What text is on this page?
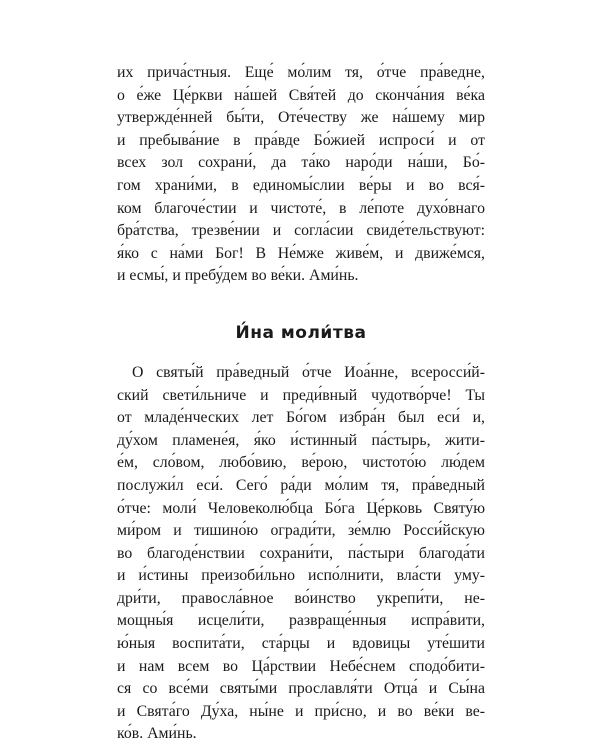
их прича́стныя. Еще́ мо́лим тя, о́тче пра́ведне,
о е́же Це́ркви на́шей Свя́тей до сконча́ния ве́ка
утвержде́нней бы́ти, Оте́честву же на́шему мир
и пребыва́ние в пра́вде Бо́жией испроси́ и от
всех зол сохрани́, да та́ко наро́ди на́ши, Бо́-
гом храни́ми, в единомы́слии ве́ры и во вся́-
ком благоче́стии и чистоте́, в ле́поте духо́внаго
бра́тства, трезве́нии и согла́сии свиде́тельствуют:
я́ко с на́ми Бог! В Не́мже живе́м, и движе́мся,
и есмы́, и пребу́дем во ве́ки. Ами́нь.
И́на моли́тва
О святы́й пра́ведный о́тче Иоа́нне, всеросси́й-
ский свети́льниче и преди́вный чудотво́рче! Ты
от младе́нческих лет Бо́гом избра́н был еси́ и,
ду́хом пламене́я, я́ко и́стинный па́стырь, жити-
е́м, сло́вом, любо́вию, ве́рою, чистото́ю лю́дем
послужи́л еси́. Сего́ ра́ди мо́лим тя, пра́ведный
о́тче: моли́ Человеколю́бца Бо́га Це́рковь Святу́ю
ми́ром и тишино́ю огради́ти, зе́млю Росси́йскую
во благоде́нствии сохрани́ти, па́стыри благода́ти
и и́стины преизоби́льно испо́лнити, вла́сти уму-
дри́ти, правосла́вное во́инство укрепи́ти, не-
мощны́я исцели́ти, развраще́нныя испра́вити,
ю́ныя воспита́ти, ста́рцы и вдовицы уте́шити
и нам всем во Ца́рствии Небе́снем сподо́бити-
ся со все́ми святы́ми прославля́ти Отца́ и Сы́на
и Свята́го Ду́ха, ны́не и при́сно, и во ве́ки ве-
ко́в. Ами́нь.
